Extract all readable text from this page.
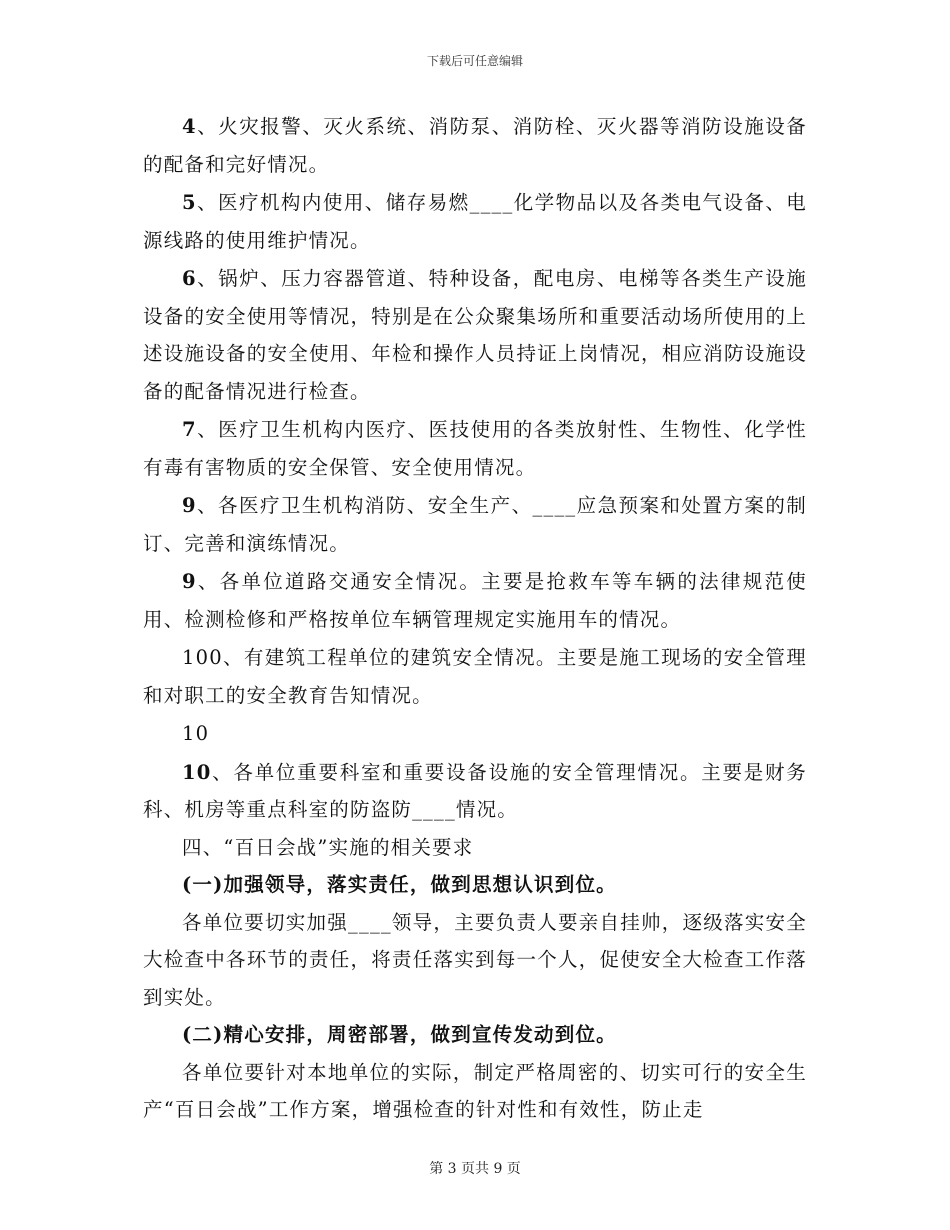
下载后可任意编辑

4、火灾报警、灭火系统、消防泵、消防栓、灭火器等消防设施设备的配备和完好情况。

5、医疗机构内使用、储存易燃____化学物品以及各类电气设备、电源线路的使用维护情况。

6、锅炉、压力容器管道、特种设备，配电房、电梯等各类生产设施设备的安全使用等情况，特别是在公众聚集场所和重要活动场所使用的上述设施设备的安全使用、年检和操作人员持证上岗情况，相应消防设施设备的配备情况进行检查。

7、医疗卫生机构内医疗、医技使用的各类放射性、生物性、化学性有毒有害物质的安全保管、安全使用情况。

9、各医疗卫生机构消防、安全生产、____应急预案和处置方案的制订、完善和演练情况。

9、各单位道路交通安全情况。主要是抢救车等车辆的法律规范使用、检测检修和严格按单位车辆管理规定实施用车的情况。

100、有建筑工程单位的建筑安全情况。主要是施工现场的安全管理和对职工的安全教育告知情况。

10

10、各单位重要科室和重要设备设施的安全管理情况。主要是财务科、机房等重点科室的防盗防____情况。

四、“百日会战”实施的相关要求

(一)加强领导，落实责任，做到思想认识到位。

各单位要切实加强____领导，主要负责人要亲自挂帅，逐级落实安全大检查中各环节的责任，将责任落实到每一个人，促使安全大检查工作落到实处。

(二)精心安排，周密部署，做到宣传发动到位。

各单位要针对本地单位的实际，制定严格周密的、切实可行的安全生产“百日会战”工作方案，增强检查的针对性和有效性，防止走

第 3 页共 9 页
